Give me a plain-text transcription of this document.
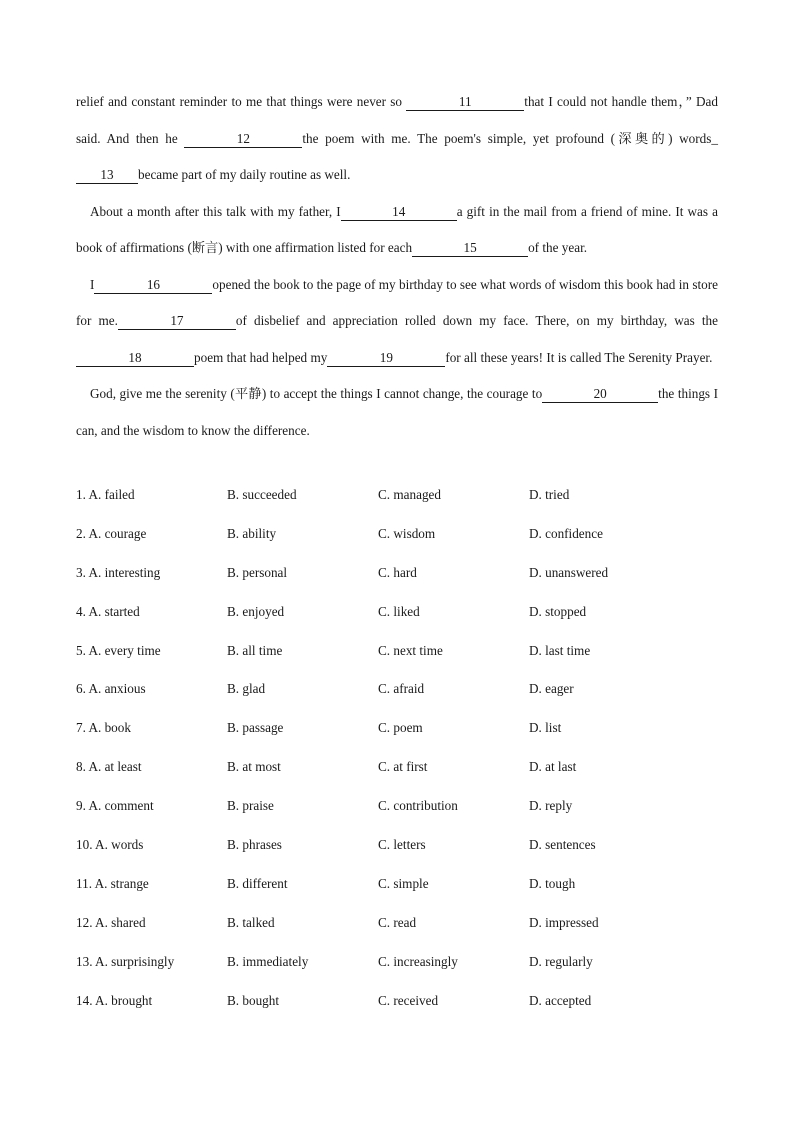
relief and constant reminder to me that things were never so	11	that I could not handle them，” Dad said. And then he	12	the poem with me. The poem's simple, yet profound (深奥的) words_13 became part of my daily routine as well.

About a month after this talk with my father, I	14	a gift in the mail from a friend of mine. It was a book of affirmations (断言) with one affirmation listed for each	15	of the year.

I	16	opened the book to the page of my birthday to see what words of wisdom this book had in store for me.	17	of disbelief and appreciation rolled down my face. There, on my birthday, was the18	poem that had helped my	19	for all these years! It is called The Serenity Prayer.

God, give me the serenity (平静) to accept the things I cannot change, the courage to	20	the things I can, and the wisdom to know the difference.

1. A. failed	B. succeeded	C. managed	D. tried
2. A. courage	B. ability	C. wisdom	D. confidence
3. A. interesting	B. personal	C. hard	D. unanswered
4. A. started	B. enjoyed	C. liked	D. stopped
5. A. every time	B. all time	C. next time	D. last time
6. A. anxious	B. glad	C. afraid	D. eager
7. A. book	B. passage	C. poem	D. list
8. A. at least	B. at most	C. at first	D. at last
9. A. comment	B. praise	C. contribution	D. reply
10. A. words	B. phrases	C. letters	D. sentences
11. A. strange	B. different	C. simple	D. tough
12. A. shared	B. talked	C. read	D. impressed
13. A. surprisingly	B. immediately	C. increasingly	D. regularly
14. A. brought	B. bought	C. received	D. accepted
